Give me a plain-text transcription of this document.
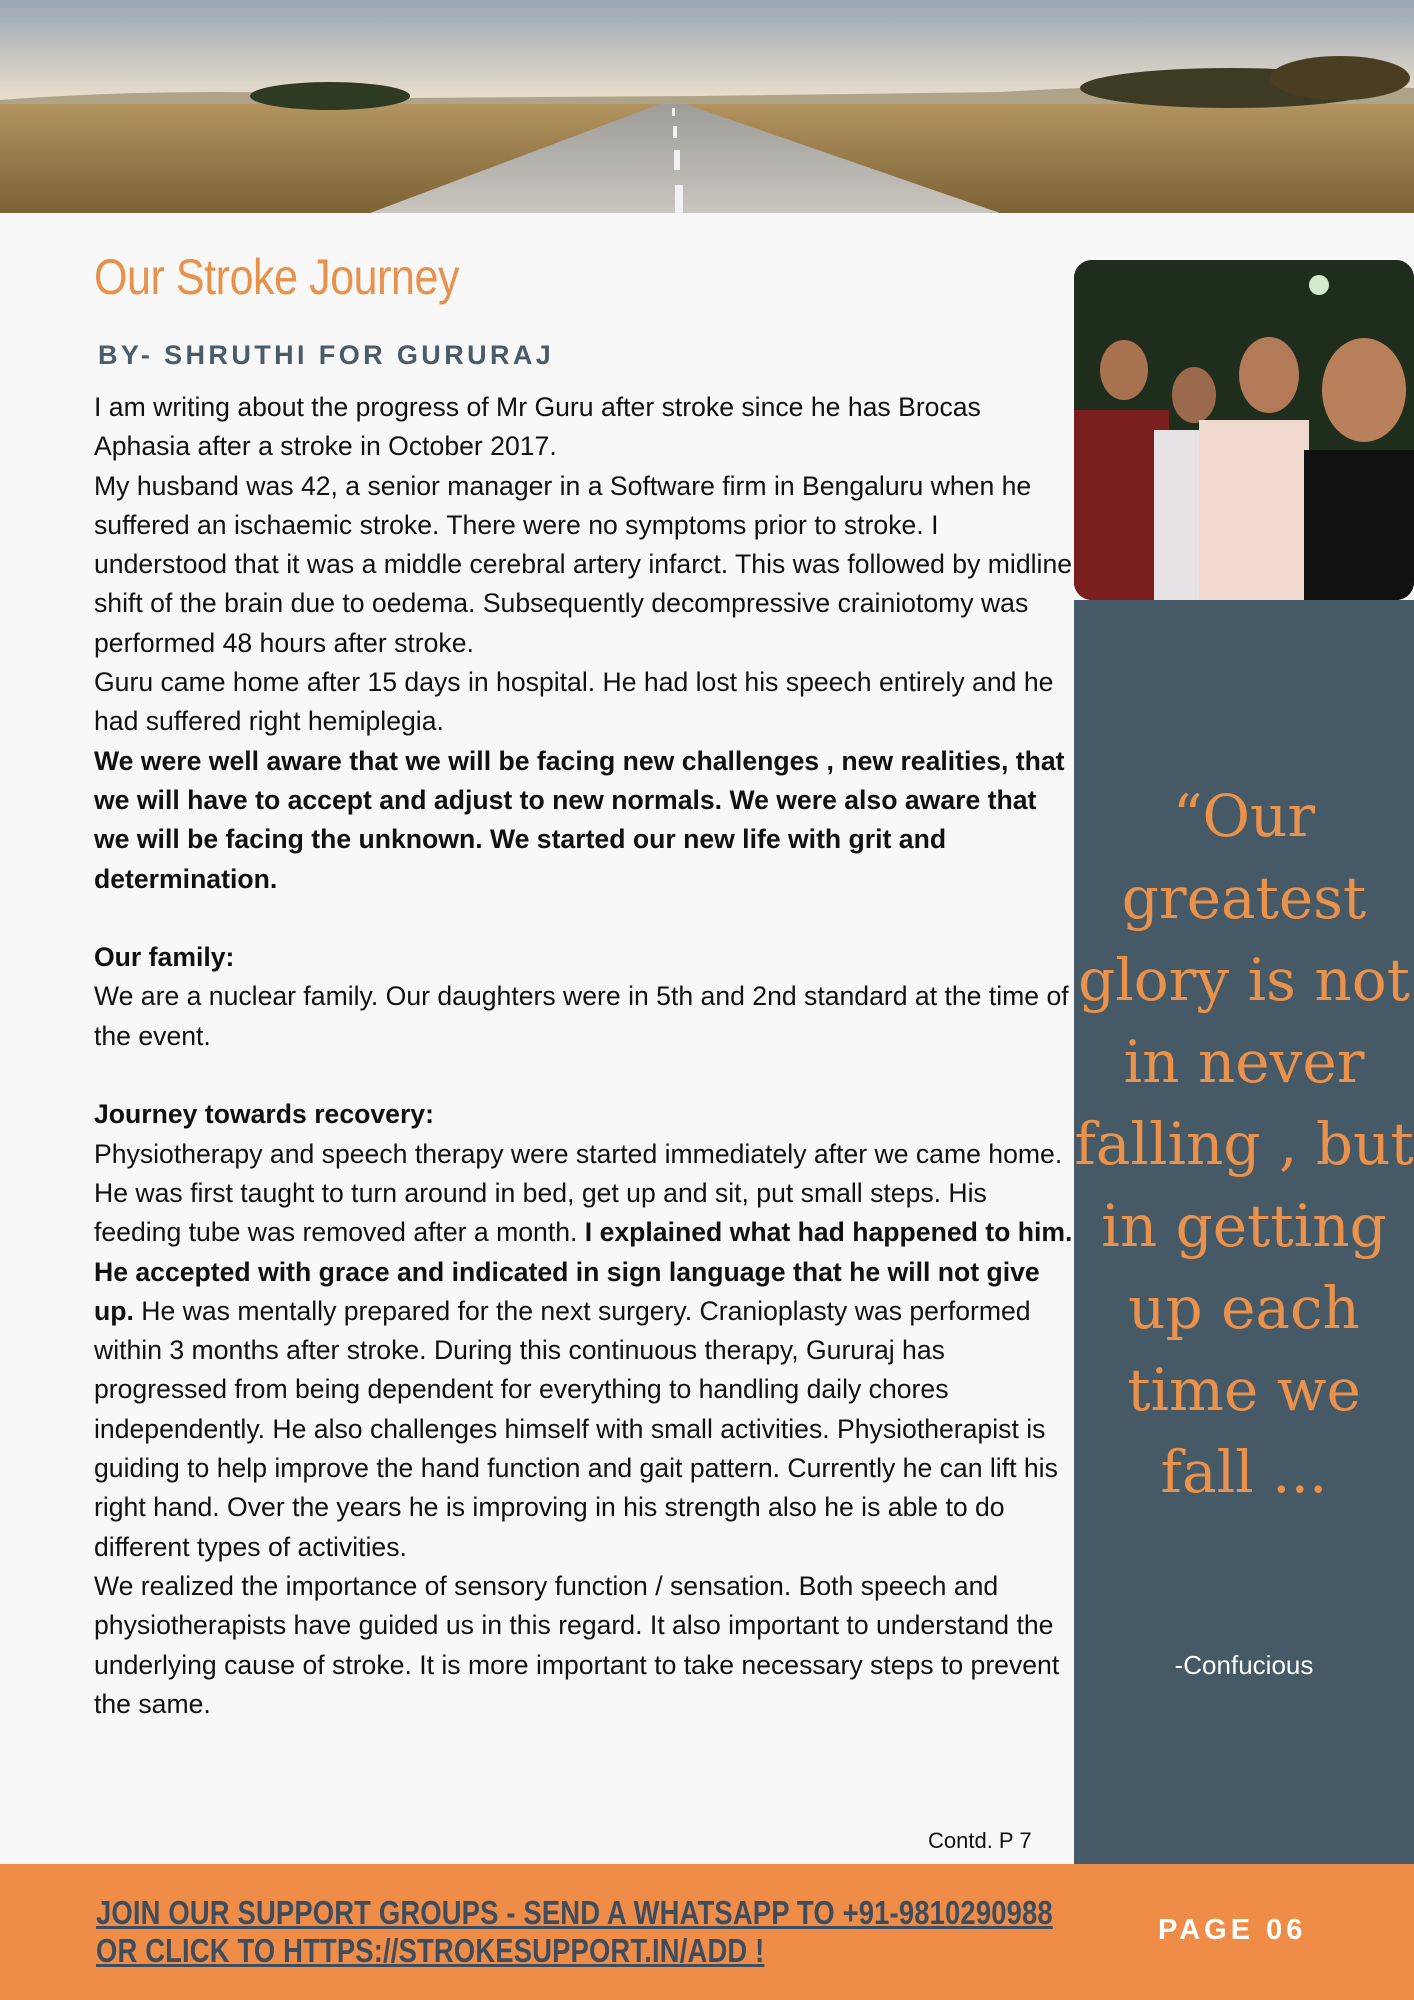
Our Stroke Journey
BY- SHRUTHI FOR GURURAJ

I am writing about the progress of Mr Guru after stroke since he has Brocas Aphasia after a stroke in October 2017.

My husband was 42, a senior manager in a Software firm in Bengaluru when he suffered an ischaemic stroke. There were no symptoms prior to stroke. I understood that it was a middle cerebral artery infarct. This was followed by midline shift of the brain due to oedema. Subsequently decompressive crainiotomy was performed 48 hours after stroke.

Guru came home after 15 days in hospital. He had lost his speech entirely and he had suffered right hemiplegia.

We were well aware that we will be facing new challenges , new realities, that we will have to accept and adjust to new normals. We were also aware that we will be facing the unknown. We started our new life with grit and determination.

Our family:

We are a nuclear family. Our daughters were in 5th and 2nd standard at the time of the event.

Journey towards recovery:

Physiotherapy and speech therapy were started immediately after we came home. He was first taught to turn around in bed, get up and sit, put small steps. His feeding tube was removed after a month. I explained what had happened to him. He accepted with grace and indicated in sign language that he will not give up. He was mentally prepared for the next surgery. Cranioplasty was performed within 3 months after stroke. During this continuous therapy, Gururaj has progressed from being dependent for everything to handling daily chores independently. He also challenges himself with small activities. Physiotherapist is guiding to help improve the hand function and gait pattern. Currently he can lift his right hand. Over the years he is improving in his strength also he is able to do different types of activities.

We realized the importance of sensory function / sensation. Both speech and physiotherapists have guided us in this regard. It also important to understand the underlying cause of stroke. It is more important to take necessary steps to prevent the same.

Contd. P 7
“Our greatest glory is not in never falling , but in getting up each time we fall ...
-Confucious
JOIN OUR SUPPORT GROUPS - SEND A WHATSAPP TO +91-9810290988
OR CLICK TO HTTPS://STROKESUPPORT.IN/ADD !
PAGE 06
